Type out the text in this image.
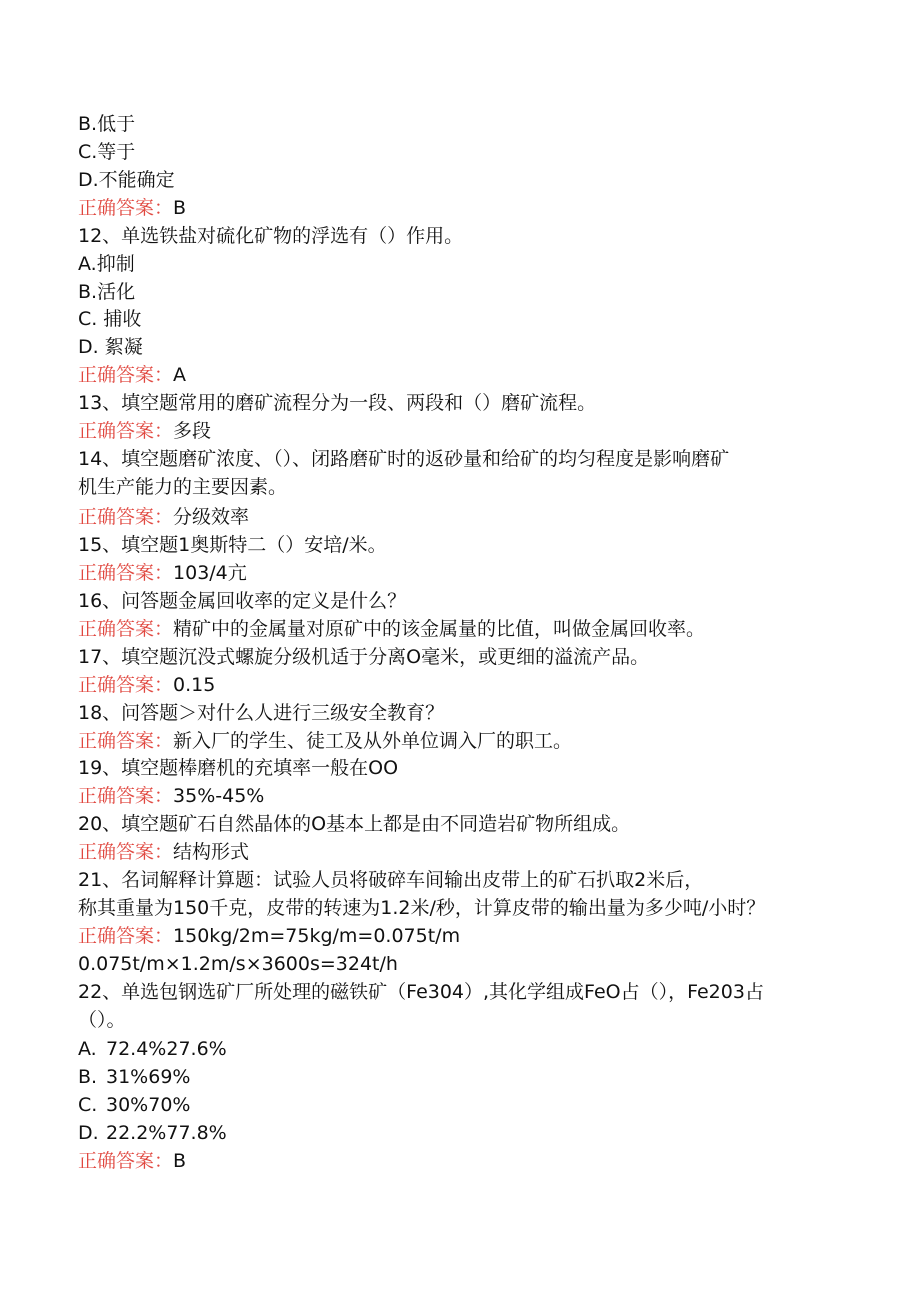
B.低于
C.等于
D.不能确定
正确答案：B
12、单选铁盐对硫化矿物的浮选有（）作用。
A.抑制
B.活化
C. 捕收
D. 絮凝
正确答案：A
13、填空题常用的磨矿流程分为一段、两段和（）磨矿流程。
正确答案：多段
14、填空题磨矿浓度、（）、闭路磨矿时的返砂量和给矿的均匀程度是影响磨矿
机生产能力的主要因素。
正确答案：分级效率
15、填空题1奥斯特二（）安培/米。
正确答案：103/4亢
16、问答题金属回收率的定义是什么？
正确答案：精矿中的金属量对原矿中的该金属量的比值，叫做金属回收率。
17、填空题沉没式螺旋分级机适于分离O毫米，或更细的溢流产品。
正确答案：0.15
18、问答题＞对什么人进行三级安全教育？
正确答案：新入厂的学生、徒工及从外单位调入厂的职工。
19、填空题棒磨机的充填率一般在OO
正确答案：35%-45%
20、填空题矿石自然晶体的O基本上都是由不同造岩矿物所组成。
正确答案：结构形式
21、名词解释计算题：试验人员将破碎车间输出皮带上的矿石扒取2米后，
称其重量为150千克，皮带的转速为1.2米/秒，计算皮带的输出量为多少吨/小时？
正确答案：150kg/2m=75kg/m=0.075t/m
0.075t/m×1.2m/s×3600s=324t/h
22、单选包钢选矿厂所处理的磁铁矿（Fe304）,其化学组成FeO占（），Fe203占
（）。
A. 72.4%27.6%
B. 31%69%
C. 30%70%
D. 22.2%77.8%
正确答案：B
